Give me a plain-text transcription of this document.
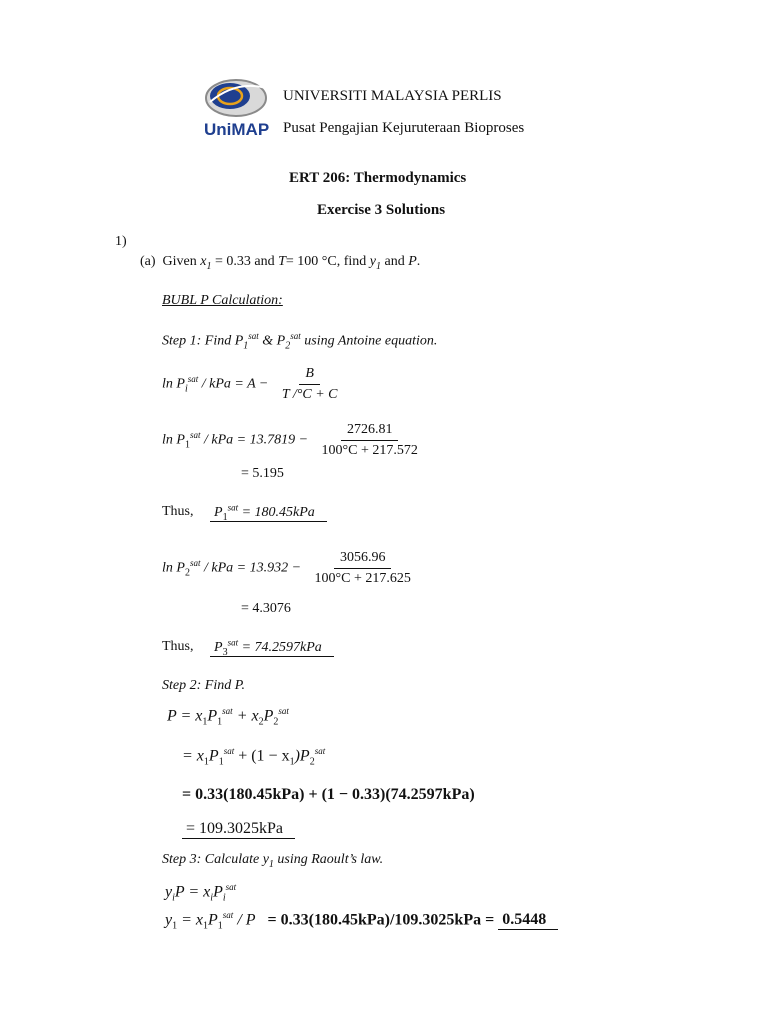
UniMAP
UNIVERSITI MALAYSIA PERLIS
Pusat Pengajian Kejuruteraan Bioproses
ERT 206: Thermodynamics
Exercise 3 Solutions
1)
(a) Given $x_1 = 0.33$ and T= 100 °C, find $y_1$ and P.
BUBL P Calculation:
Step 1: Find $P_1^{sat}$ & $P_2^{sat}$ using Antoine equation.
$\ln P_i^{sat}$ / kPa = $A - \frac{B}{T /^\circ C + C}$
$\ln P_1^{sat}$ / kPa = $13.7819 - \frac{2726.81}{100^\circ C + 217.572}$
= 5.195
Thus, $P_1^{sat} = 180.45kPa$
$\ln P_2^{sat}$ / kPa = $13.932 - \frac{3056.96}{100^\circ C + 217.625}$
= 4.3076
Thus, $P_3^{sat} = 74.2597kPa$
Step 2: Find P.
$P = x_1P_1^{sat} + x_2P_2^{sat}$
= $x_1P_1^{sat} + (1 - x_1)P_2^{sat}$
= 0.33(180.45kPa) + (1 − 0.33)(74.2597kPa)
= 109.3025kPa
Step 3: Calculate $y_1$ using Raoult’s law.
$y_iP = x_iP_i^{sat}$
$y_1 = x_1P_1^{sat} / P = 0.33(180.45kPa)/109.3025kPa = 0.5448$
